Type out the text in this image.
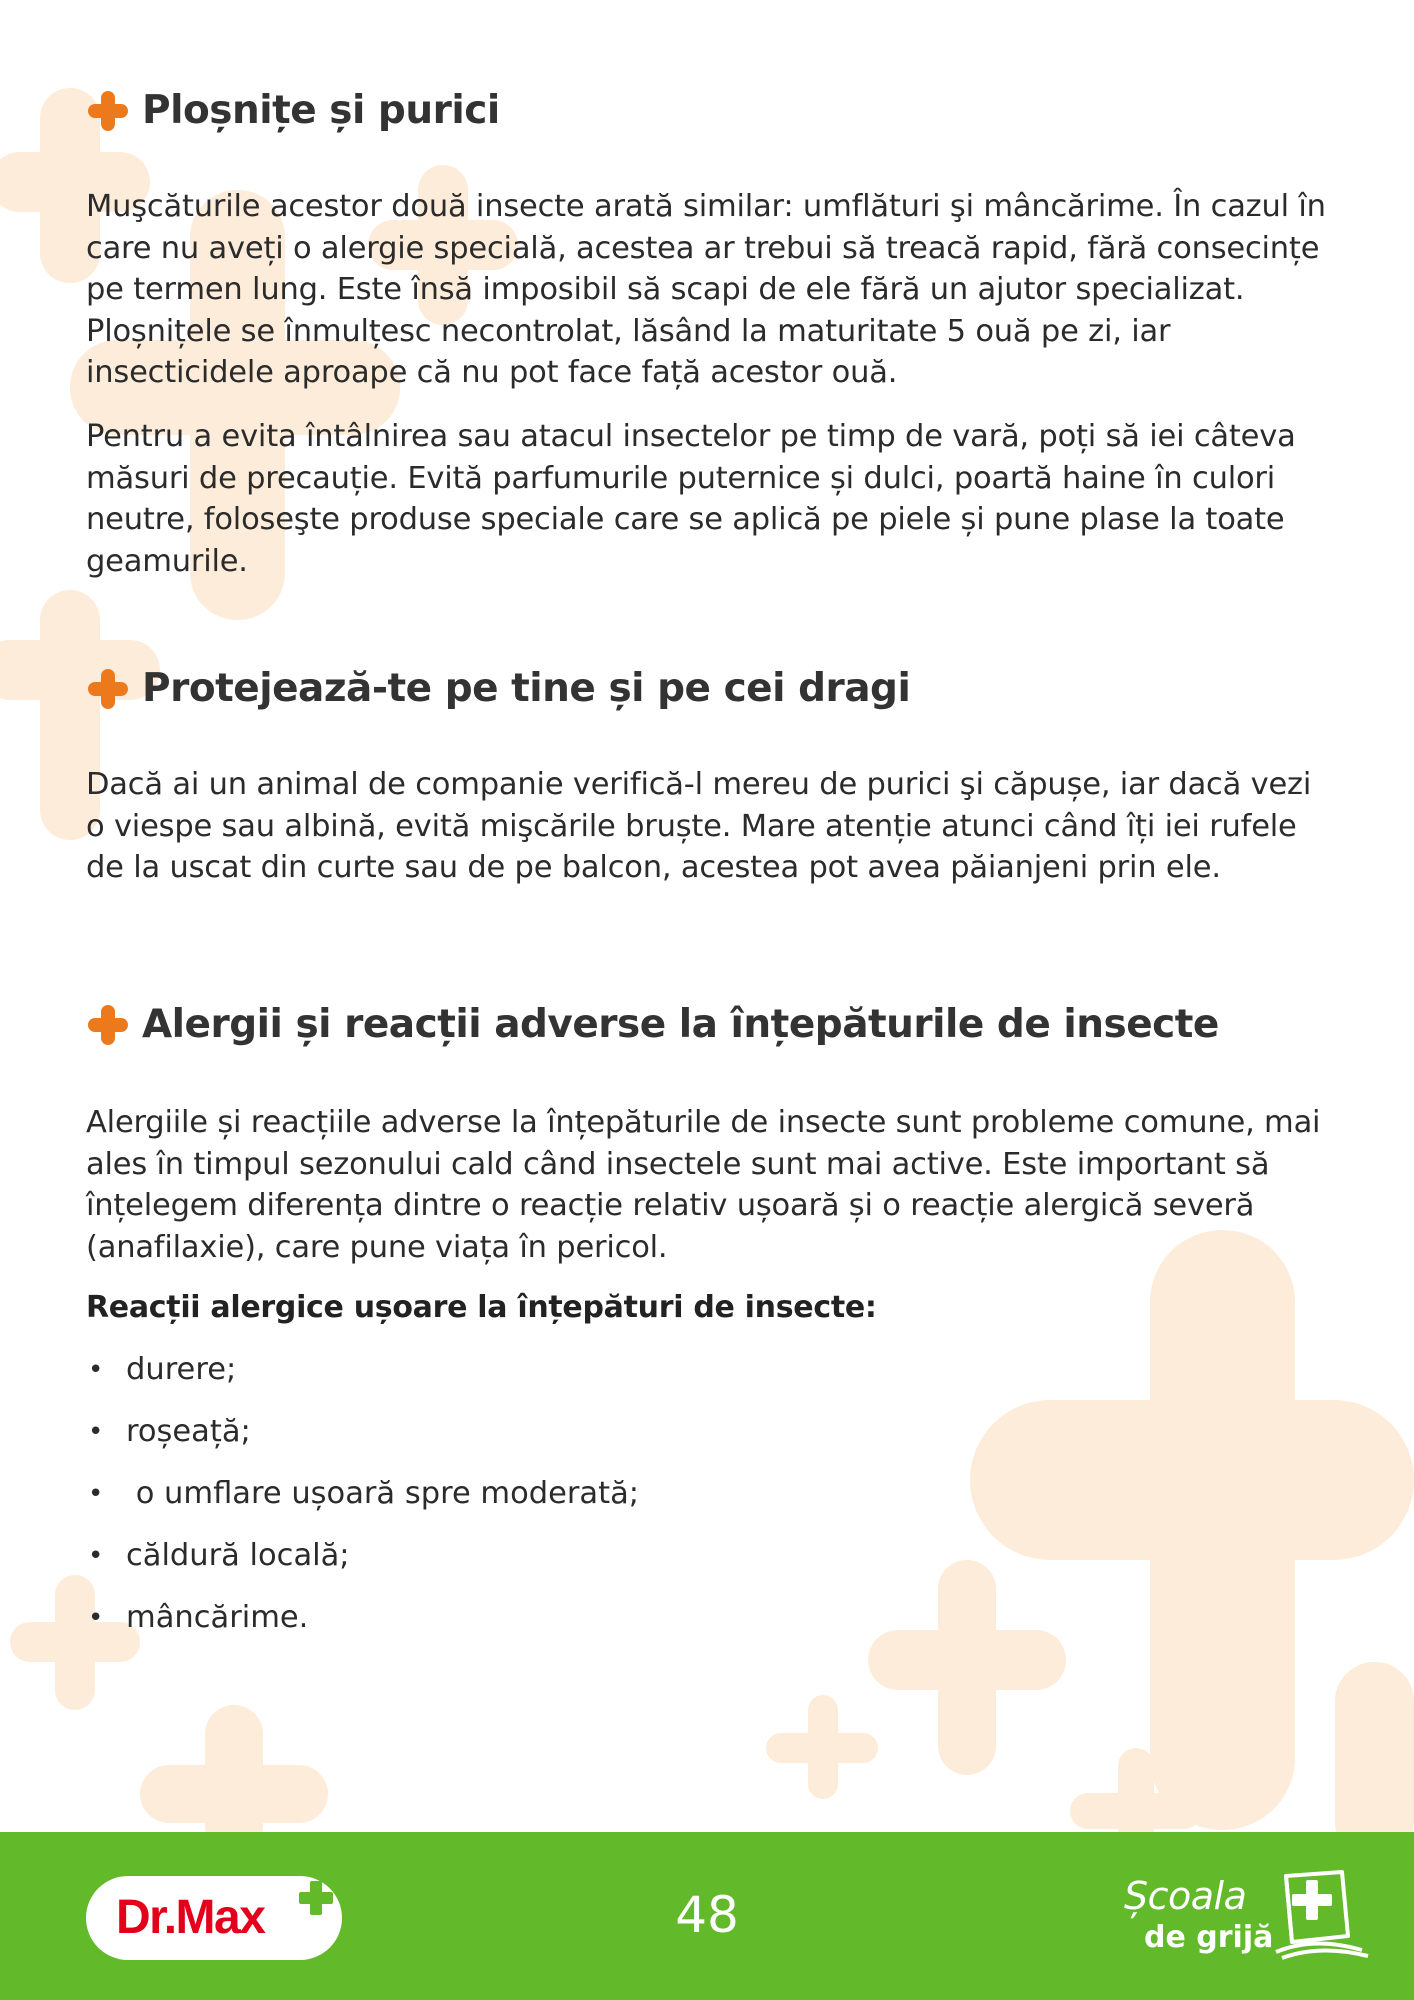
Ploșnițe și purici

Muşcăturile acestor două insecte arată similar: umflături şi mâncărime. În cazul în care nu aveți o alergie specială, acestea ar trebui să treacă rapid, fără consecințe pe termen lung. Este însă imposibil să scapi de ele fără un ajutor specializat. Ploșnițele se înmulțesc necontrolat, lăsând la maturitate 5 ouă pe zi, iar insecticidele aproape că nu pot face față acestor ouă.

Pentru a evita întâlnirea sau atacul insectelor pe timp de vară, poți să iei câteva măsuri de precauție. Evită parfumurile puternice și dulci, poartă haine în culori neutre, foloseşte produse speciale care se aplică pe piele și pune plase la toate geamurile.

Protejează-te pe tine și pe cei dragi

Dacă ai un animal de companie verifică-l mereu de purici şi căpușe, iar dacă vezi o viespe sau albină, evită mişcările bruște. Mare atenție atunci când îți iei rufele de la uscat din curte sau de pe balcon, acestea pot avea păianjeni prin ele.

Alergii și reacții adverse la înțepăturile de insecte

Alergiile și reacțiile adverse la înțepăturile de insecte sunt probleme comune, mai ales în timpul sezonului cald când insectele sunt mai active. Este important să înțelegem diferența dintre o reacție relativ ușoară și o reacție alergică severă (anafilaxie), care pune viața în pericol.

Reacții alergice ușoare la înțepături de insecte:
• durere;
• roșeață;
• o umflare ușoară spre moderată;
• căldură locală;
• mâncărime.
Dr.Max	48	Școala
de grijă
